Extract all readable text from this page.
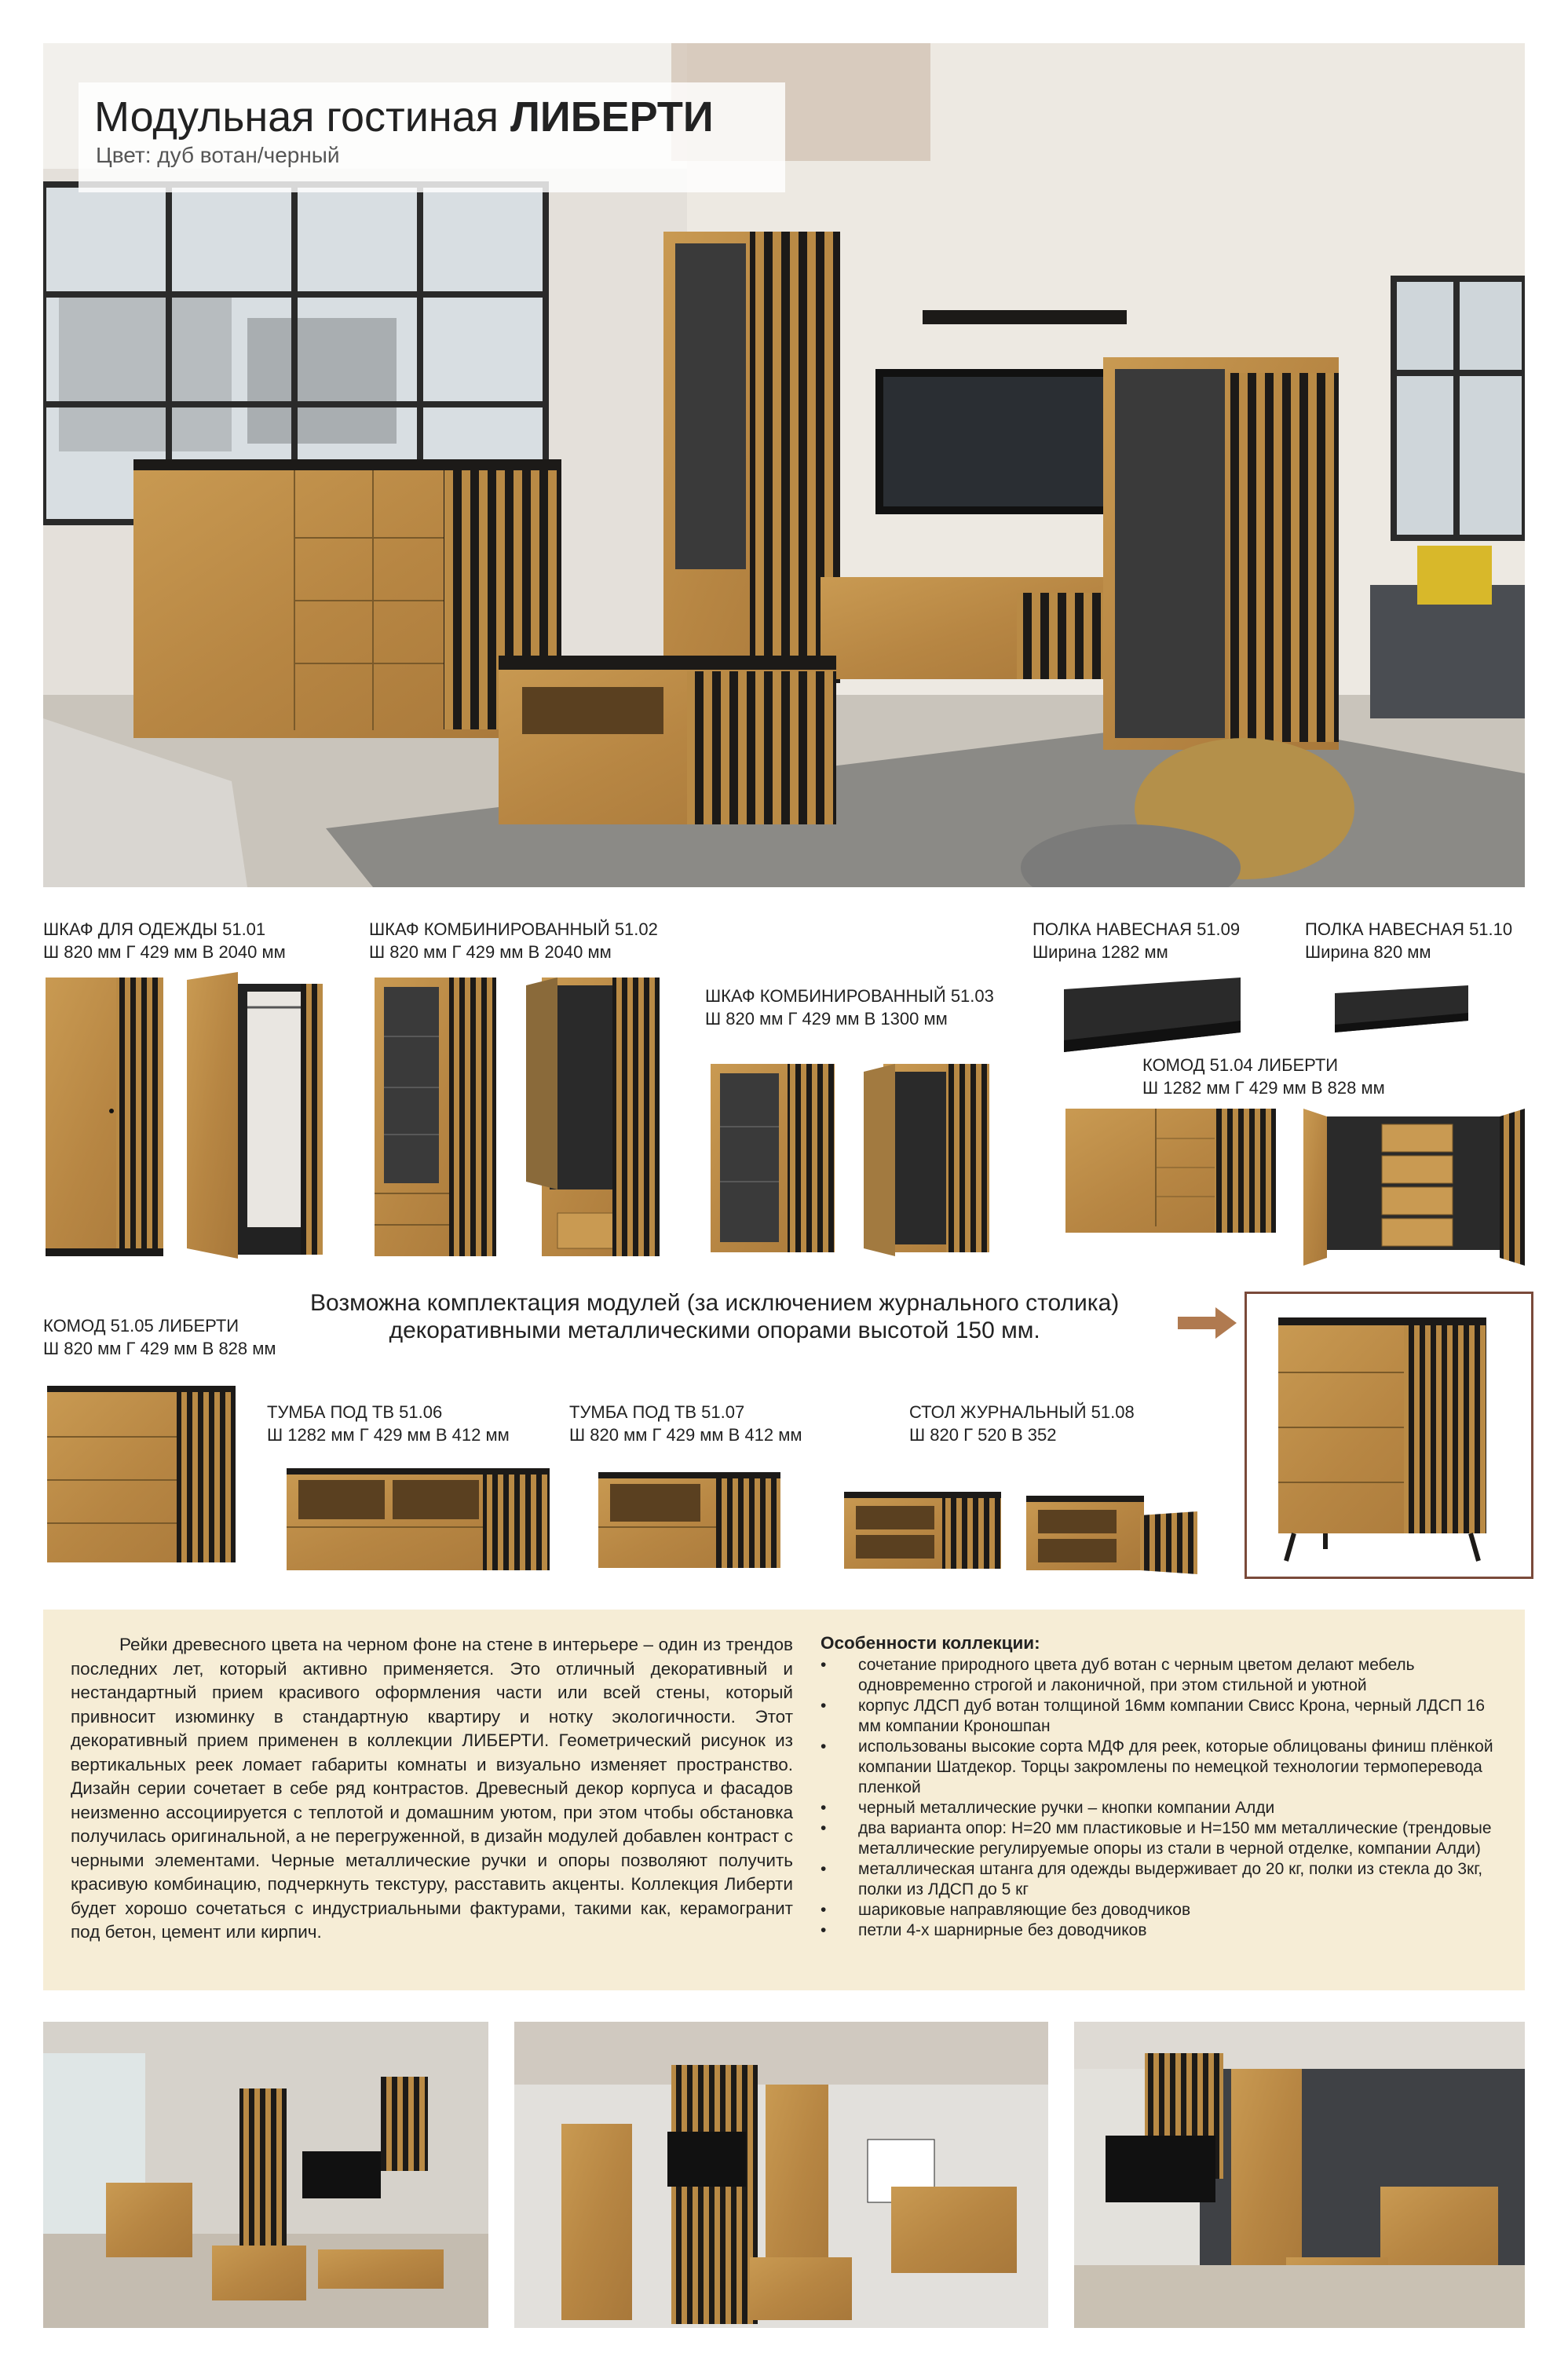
Модульная гостиная ЛИБЕРТИ
Цвет: дуб вотан/черный
ШКАФ ДЛЯ ОДЕЖДЫ 51.01
Ш 820 мм Г 429 мм В 2040 мм
ШКАФ КОМБИНИРОВАННЫЙ 51.02
Ш 820 мм Г 429 мм В 2040 мм
ШКАФ КОМБИНИРОВАННЫЙ 51.03
Ш 820 мм Г 429 мм В 1300 мм
ПОЛКА НАВЕСНАЯ 51.09
Ширина 1282 мм
ПОЛКА НАВЕСНАЯ 51.10
Ширина 820 мм
КОМОД 51.04 ЛИБЕРТИ
Ш 1282 мм Г 429 мм В 828 мм
КОМОД 51.05 ЛИБЕРТИ
Ш 820 мм Г 429 мм В 828 мм
ТУМБА ПОД ТВ 51.06
Ш 1282 мм Г 429 мм В 412 мм
ТУМБА ПОД ТВ 51.07
Ш 820 мм Г 429 мм В 412 мм
СТОЛ ЖУРНАЛЬНЫЙ 51.08
Ш 820 Г 520 В 352
Возможна комплектация модулей (за исключением журнального столика)
декоративными металлическими опорами высотой 150 мм.
Рейки древесного цвета на черном фоне на стене в интерьере – один из трендов последних лет, который активно применяется. Это отличный декоративный и нестандартный прием красивого оформления части или всей стены, который привносит изюминку в стандартную квартиру и нотку экологичности. Этот декоративный прием применен в коллекции ЛИБЕРТИ. Геометрический рисунок из вертикальных реек ломает габариты комнаты и визуально изменяет пространство. Дизайн серии сочетает в себе ряд контрастов. Древесный декор корпуса и фасадов неизменно ассоциируется с теплотой и домашним уютом, при этом чтобы обстановка получилась оригинальной, а не перегруженной, в дизайн модулей добавлен контраст с черными элементами. Черные металлические ручки и опоры позволяют получить красивую комбинацию, подчеркнуть текстуру, расставить акценты. Коллекция Либерти будет хорошо сочетаться с индустриальными фактурами, такими как, керамогранит под бетон, цемент или кирпич.
Особенности коллекции:
• сочетание природного цвета дуб вотан с черным цветом делают мебель одновременно строгой и лаконичной, при этом стильной и уютной
• корпус ЛДСП дуб вотан толщиной 16мм компании Свисс Крона, черный ЛДСП 16 мм компании Кроношпан
• использованы высокие сорта МДФ для реек, которые облицованы финиш плёнкой компании Шатдекор. Торцы закромлены по немецкой технологии термоперевода пленкой
• черный металлические ручки – кнопки компании Алди
• два варианта опор: Н=20 мм пластиковые и Н=150 мм металлические (трендовые металлические регулируемые опоры из стали в черной отделке, компании Алди)
• металлическая штанга для одежды выдерживает до 20 кг, полки из стекла до 3кг, полки из ЛДСП до 5 кг
• шариковые направляющие без доводчиков
• петли 4-х шарнирные без доводчиков
